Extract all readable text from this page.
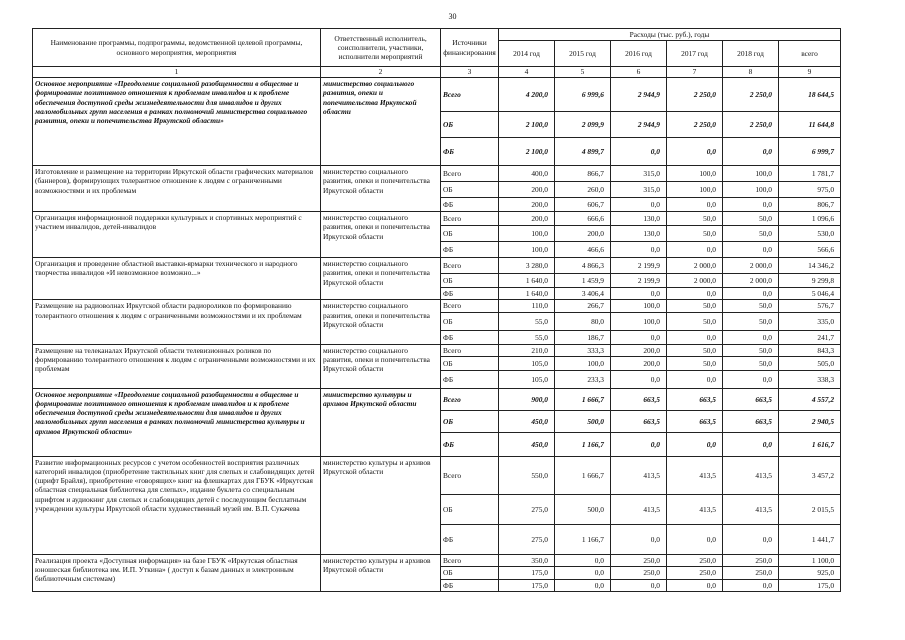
30
Наименование программы, подпрограммы, ведомственной целевой программы, основного мероприятия, мероприятия	Ответственный исполнитель, соисполнители, участники, исполнители мероприятий	Источники финансирования	Расходы (тыс. руб.), годы					
			2014 год	2015 год	2016 год	2017 год	2018 год	всего
1	2	3	4	5	6	7	8	9
Основное мероприятие «Преодоление социальной разобщенности в обществе и формирование позитивного отношения к проблемам инвалидов и к проблеме обеспечения доступной среды жизнедеятельности для инвалидов и других маломобильных групп населения в рамках полномочий министерства социального развития, опеки и попечительства Иркутской области»	министерство социального развития, опеки и попечительства Иркутской области	Всего	4 200,0	6 999,6	2 944,9	2 250,0	2 250,0	18 644,5
		ОБ	2 100,0	2 099,9	2 944,9	2 250,0	2 250,0	11 644,8
		ФБ	2 100,0	4 899,7	0,0	0,0	0,0	6 999,7
Изготовление и размещение на территории Иркутской области графических материалов (баннеров), формирующих толерантное отношение к людям с ограниченными возможностями и их проблемам	министерство социального развития, опеки и попечительства Иркутской области	Всего	400,0	866,7	315,0	100,0	100,0	1 781,7
		ОБ	200,0	260,0	315,0	100,0	100,0	975,0
		ФБ	200,0	606,7	0,0	0,0	0,0	806,7
Организация информационной поддержки культурных и спортивных мероприятий с участием инвалидов, детей-инвалидов	министерство социального развития, опеки и попечительства Иркутской области	Всего	200,0	666,6	130,0	50,0	50,0	1 096,6
		ОБ	100,0	200,0	130,0	50,0	50,0	530,0
		ФБ	100,0	466,6	0,0	0,0	0,0	566,6
Организация и проведение областной выставки-ярмарки технического и народного творчества инвалидов «И невозможное возможно...»	министерство социального развития, опеки и попечительства Иркутской области	Всего	3 280,0	4 866,3	2 199,9	2 000,0	2 000,0	14 346,2
		ОБ	1 640,0	1 459,9	2 199,9	2 000,0	2 000,0	9 299,8
		ФБ	1 640,0	3 406,4	0,0	0,0	0,0	5 046,4
Размещение на радиоволнах Иркутской области радиороликов по формированию толерантного отношения к людям с ограниченными возможностями и их проблемам	министерство социального развития, опеки и попечительства Иркутской области	Всего	110,0	266,7	100,0	50,0	50,0	576,7
		ОБ	55,0	80,0	100,0	50,0	50,0	335,0
		ФБ	55,0	186,7	0,0	0,0	0,0	241,7
Размещение на телеканалах Иркутской области телевизионных роликов по формированию толерантного отношения к людям с ограниченными возможностями и их проблемам	министерство социального развития, опеки и попечительства Иркутской области	Всего	210,0	333,3	200,0	50,0	50,0	843,3
		ОБ	105,0	100,0	200,0	50,0	50,0	505,0
		ФБ	105,0	233,3	0,0	0,0	0,0	338,3
Основное мероприятие «Преодоление социальной разобщенности в обществе и формирование позитивного отношения к проблемам инвалидов и к проблеме обеспечения доступной среды жизнедеятельности для инвалидов и других маломобильных групп населения в рамках полномочий министерства культуры и архивов Иркутской области»	министерство культуры и архивов Иркутской области	Всего	900,0	1 666,7	663,5	663,5	663,5	4 557,2
		ОБ	450,0	500,0	663,5	663,5	663,5	2 940,5
		ФБ	450,0	1 166,7	0,0	0,0	0,0	1 616,7
Развитие информационных ресурсов с учетом особенностей восприятия различных категорий инвалидов (приобретение тактильных книг для слепых и слабовидящих детей (шрифт Брайля), приобретение «говорящих» книг на флешкартах для ГБУК «Иркутская областная специальная библиотека для слепых», издание буклета со специальным шрифтом и аудиокниг для слепых и слабовидящих детей с последующим бесплатным учреждении культуры Иркутской области художественный музей им. В.П. Сукачева	министерство культуры и архивов Иркутской области	Всего	550,0	1 666,7	413,5	413,5	413,5	3 457,2
		ОБ	275,0	500,0	413,5	413,5	413,5	2 015,5
		ФБ	275,0	1 166,7	0,0	0,0	0,0	1 441,7
Реализация проекта «Доступная информация» на базе ГБУК «Иркутская областная юношеская библиотека им. И.П. Уткина» ( доступ к базам данных и электронным библиотечным системам)	министерство культуры и архивов Иркутской области	Всего	350,0	0,0	250,0	250,0	250,0	1 100,0
		ОБ	175,0	0,0	250,0	250,0	250,0	925,0
		ФБ	175,0	0,0	0,0	0,0	0,0	175,0
